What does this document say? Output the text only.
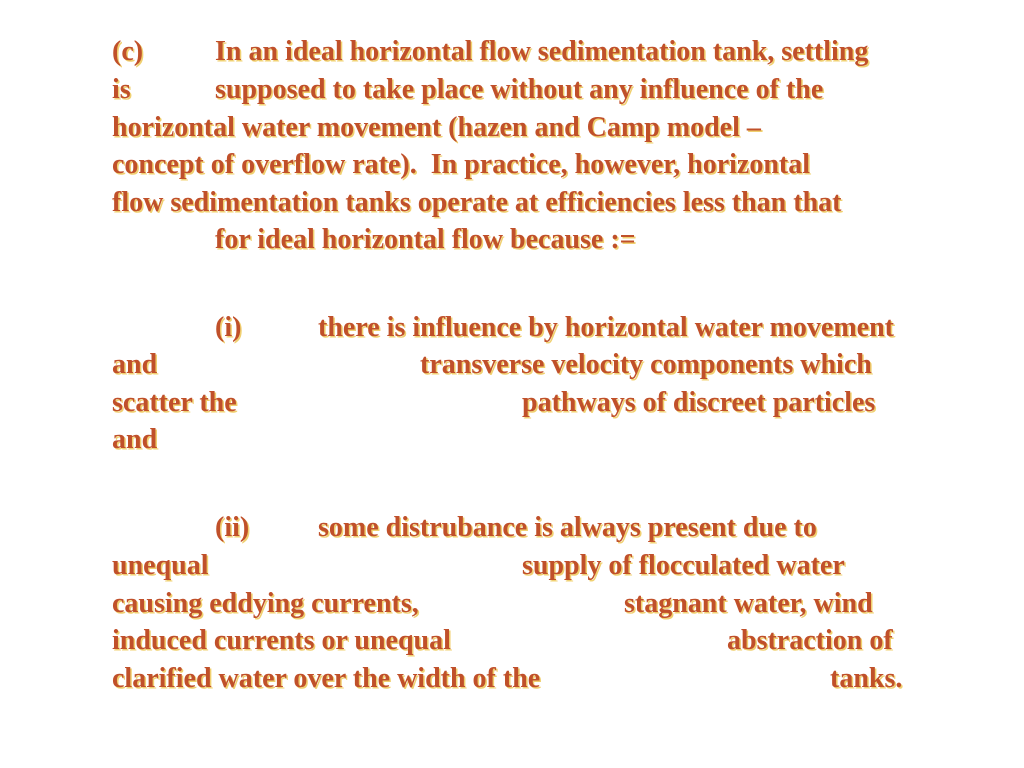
(c)	In an ideal horizontal flow sedimentation tank, settling
is	supposed to take place without any influence of the
horizontal water movement (hazen and Camp model –
concept of overflow rate).  In practice, however, horizontal
flow sedimentation tanks operate at efficiencies less than that
for ideal horizontal flow because :=
(i)	there is influence by horizontal water movement
and	transverse velocity components which
scatter the	pathways of discreet particles
and
(ii) some distrubance is always present due to
unequal	supply of flocculated water
causing eddying currents,	stagnant water, wind
induced currents or unequal	abstraction of
clarified water over the width of the	tanks.
